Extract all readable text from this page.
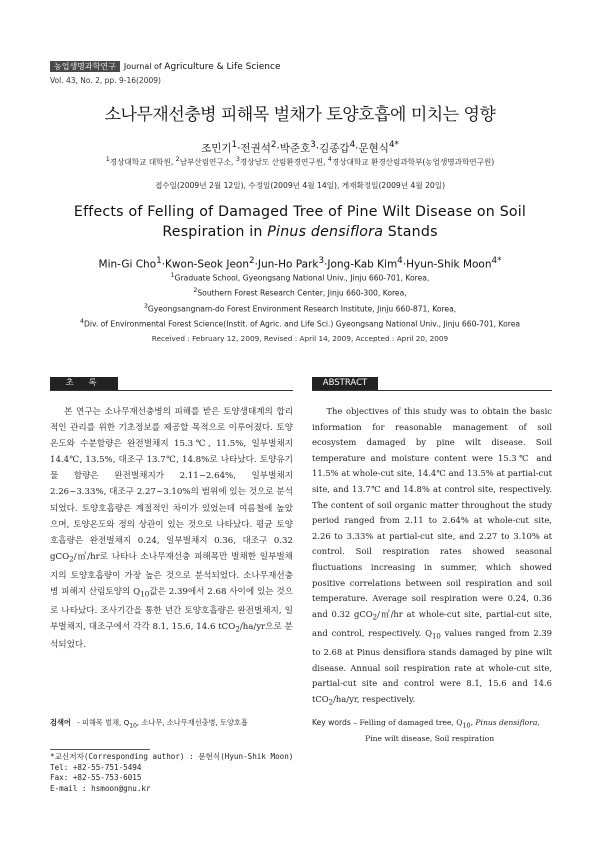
농업생명과학연구	Journal of Agriculture & Life Science
Vol. 43, No. 2, pp. 9-16(2009)
소나무재선충병 피해목 벌채가 토양호흡에 미치는 영향
조민기$^1$·전권석$^2$·박준호$^3$·김종갑$^4$·문현식$^{4*}$
$^1$경상대학교 대학원, $^2$남부산림연구소, $^3$경상남도 산림환경연구원, $^4$경상대학교 환경산림과학부(농업생명과학연구원)
접수일(2009년 2월 12일), 수정일(2009년 4월 14일), 게재확정일(2009년 4월 20일)
Effects of Felling of Damaged Tree of Pine Wilt Disease on Soil
Respiration in Pinus densiflora Stands
Min-Gi Cho$^1$·Kwon-Seok Jeon$^2$·Jun-Ho Park$^3$·Jong-Kab Kim$^4$·Hyun-Shik Moon$^{4*}$
$^1$Graduate School, Gyeongsang National Univ., Jinju 660-701, Korea,
$^2$Southern Forest Research Center, Jinju 660-300, Korea,
$^3$Gyeongsangnam-do Forest Environment Research Institute, Jinju 660-871, Korea,
$^4$Div. of Environmental Forest Science(Instit. of Agric. and Life Sci.) Gyeongsang National Univ., Jinju 660-701, Korea
Received : February 12, 2009, Revised : April 14, 2009, Accepted : April 20, 2009
초 록	ABSTRACT
본 연구는 소나무재선충병의 피해를 받은 토양생태계의 합리적인 관리를 위한 기초정보를 제공할 목적으로 이루어졌다. 토양온도와 수분함량은 완전벌채지 15.3℃, 11.5%, 일부벌채지 14.4℃, 13.5%, 대조구 13.7℃, 14.8%로 나타났다. 토양유기물 함량은 완전벌채지가 2.11~2.64%, 일부벌채지 2.26~3.33%, 대조구 2.27~3.10%의 범위에 있는 것으로 분석되었다. 토양호흡량은 계절적인 차이가 있었는데 여름철에 높았으며, 토양온도와 정의 상관이 있는 것으로 나타났다. 평균 토양호흡량은 완전벌채지 0.24, 일부벌채지 0.36, 대조구 0.32 gCO$_2$/㎡/hr로 나타나 소나무재선충 피해목만 벌채한 일부벌채지의 토양호흡량이 가장 높은 것으로 분석되었다. 소나무재선충병 피해지 산림토양의 $Q_{10}$값은 2.39에서 2.68 사이에 있는 것으로 나타났다. 조사기간을 통한 년간 토양호흡량은 완전벌채지, 일부벌채지, 대조구에서 각각 8.1, 15.6, 14.6 tCO$_2$/ha/yr으로 분석되었다.
The objectives of this study was to obtain the basic information for reasonable management of soil ecosystem damaged by pine wilt disease. Soil temperature and moisture content were 15.3℃ and 11.5% at whole-cut site, 14.4℃ and 13.5% at partial-cut site, and 13.7℃ and 14.8% at control site, respectively. The content of soil organic matter throughout the study period ranged from 2.11 to 2.64% at whole-cut site, 2.26 to 3.33% at partial-cut site, and 2.27 to 3.10% at control. Soil respiration rates showed seasonal fluctuations increasing in summer, which showed positive correlations between soil respiration and soil temperature. Average soil respiration were 0.24, 0.36 and 0.32 gCO$_2$/㎡/hr at whole-cut site, partial-cut site, and control, respectively. $Q_{10}$ values ranged from 2.39 to 2.68 at Pinus densiflora stands damaged by pine wilt disease. Annual soil respiration rate at whole-cut site, partial-cut site and control were 8.1, 15.6 and 14.6 tCO$_2$/ha/yr, respectively.
검색어 - 피해목 벌채, $Q_{10}$, 소나무, 소나무재선충병, 토양호흡	Key words – Felling of damaged tree, $Q_{10}$, Pinus densiflora,
Pine wilt disease, Soil respiration
*교신저자(Corresponding author) : 문현식(Hyun-Shik Moon)
Tel: +82-55-751-5494
Fax: +82-55-753-6015
E-mail : hsmoon@gnu.kr
